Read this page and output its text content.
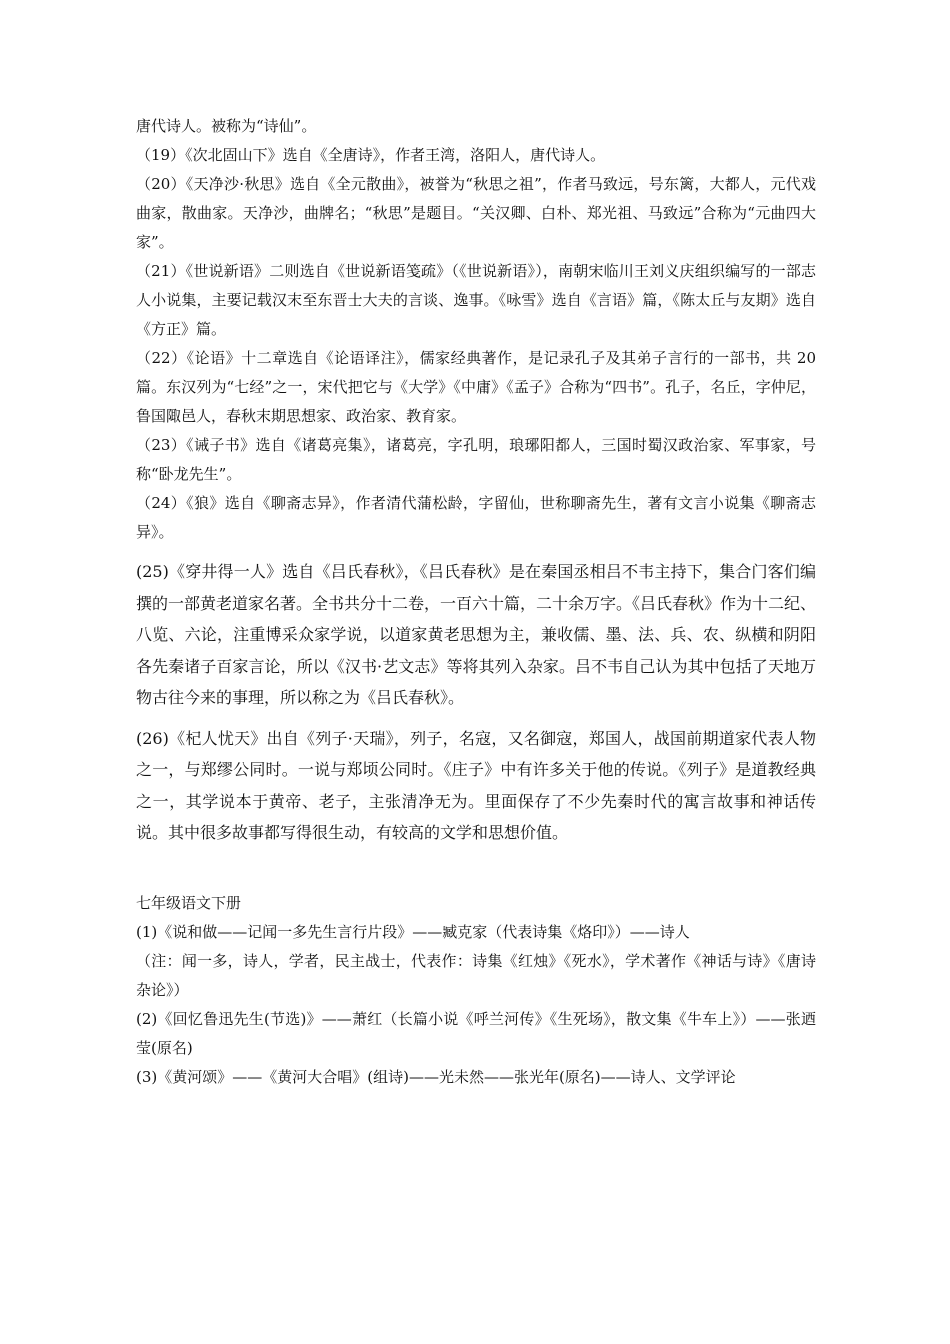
唐代诗人。被称为“诗仙”。

（19）《次北固山下》选自《全唐诗》，作者王湾，洛阳人，唐代诗人。

（20）《天净沙·秋思》选自《全元散曲》，被誉为“秋思之祖”，作者马致远，号东篱，大都人，元代戏曲家，散曲家。天净沙，曲牌名；“秋思”是题目。“关汉卿、白朴、郑光祖、马致远”合称为“元曲四大家”。

（21）《世说新语》二则选自《世说新语笺疏》（《世说新语》），南朝宋临川王刘义庆组织编写的一部志人小说集，主要记载汉末至东晋士大夫的言谈、逸事。《咏雪》选自《言语》篇，《陈太丘与友期》选自《方正》篇。

（22）《论语》十二章选自《论语译注》，儒家经典著作，是记录孔子及其弟子言行的一部书，共 20 篇。东汉列为“七经”之一，宋代把它与《大学》《中庸》《孟子》合称为“四书”。孔子，名丘，字仲尼，鲁国陬邑人，春秋末期思想家、政治家、教育家。

（23）《诫子书》选自《诸葛亮集》，诸葛亮，字孔明，琅琊阳都人，三国时蜀汉政治家、军事家，号称“卧龙先生”。

（24）《狼》选自《聊斋志异》，作者清代蒲松龄，字留仙，世称聊斋先生，著有文言小说集《聊斋志异》。

(25)《穿井得一人》选自《吕氏春秋》，《吕氏春秋》是在秦国丞相吕不韦主持下，集合门客们编撰的一部黄老道家名著。全书共分十二卷，一百六十篇，二十余万字。《吕氏春秋》作为十二纪、八览、六论，注重博采众家学说，以道家黄老思想为主，兼收儒、墨、法、兵、农、纵横和阴阳各先秦诸子百家言论，所以《汉书·艺文志》等将其列入杂家。吕不韦自己认为其中包括了天地万物古往今来的事理，所以称之为《吕氏春秋》。

(26)《杞人忧天》出自《列子·天瑞》，列子，名寇，又名御寇，郑国人，战国前期道家代表人物之一，与郑缪公同时。一说与郑顷公同时。《庄子》中有许多关于他的传说。《列子》是道教经典之一，其学说本于黄帝、老子，主张清净无为。里面保存了不少先秦时代的寓言故事和神话传说。其中很多故事都写得很生动，有较高的文学和思想价值。

七年级语文下册

(1)《说和做——记闻一多先生言行片段》——臧克家（代表诗集《烙印》）——诗人

（注：闻一多，诗人，学者，民主战士，代表作：诗集《红烛》《死水》，学术著作《神话与诗》《唐诗杂论》）

(2)《回忆鲁迅先生(节选)》——萧红（长篇小说《呼兰河传》《生死场》，散文集《牛车上》）——张迺莹(原名)

(3)《黄河颂》——《黄河大合唱》(组诗)——光未然——张光年(原名)——诗人、文学评论
